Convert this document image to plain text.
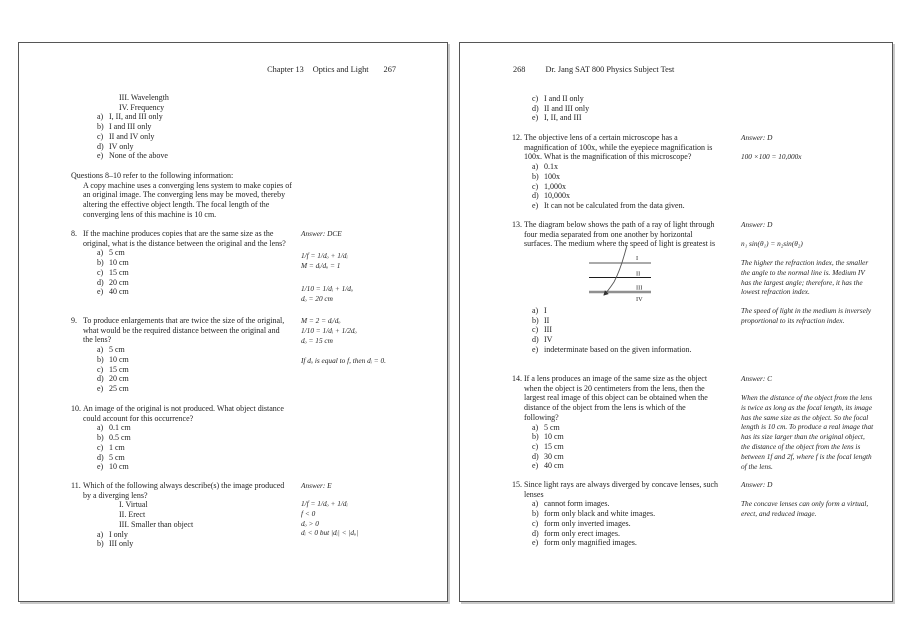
Chapter 13 Optics and Light 267
III. Wavelength
IV. Frequency
a) I, II, and III only
b) I and III only
c) II and IV only
d) IV only
e) None of the above
Questions 8–10 refer to the following information:
A copy machine uses a converging lens system to make copies of an original image. The converging lens may be moved, thereby altering the effective object length. The focal length of the converging lens of this machine is 10 cm.
8. If the machine produces copies that are the same size as the original, what is the distance between the original and the lens?
a) 5 cm
b) 10 cm
c) 15 cm
d) 20 cm
e) 40 cm
9. To produce enlargements that are twice the size of the original, what would be the required distance between the original and the lens?
a) 5 cm
b) 10 cm
c) 15 cm
d) 20 cm
e) 25 cm
10. An image of the original is not produced. What object distance could account for this occurrence?
a) 0.1 cm
b) 0.5 cm
c) 1 cm
d) 5 cm
e) 10 cm
11. Which of the following always describe(s) the image produced by a diverging lens?
I. Virtual
II. Erect
III. Smaller than object
a) I only
b) III only
Answer: DCE
1/f = 1/dₒ + 1/dᵢ
M = dᵢ/dₒ = 1
1/10 = 1/dᵢ + 1/dₒ
dₒ = 20 cm
M = 2 = dᵢ/dₒ
1/10 = 1/dᵢ + 1/2dₒ
dₒ = 15 cm
If dₒ is equal to f, then dᵢ = 0.
Answer: E
1/f = 1/dₒ + 1/dᵢ
f < 0
dₒ > 0
dᵢ < 0 but |dᵢ| < |dₒ|
268 Dr. Jang SAT 800 Physics Subject Test
c) I and II only
d) II and III only
e) I, II, and III
12. The objective lens of a certain microscope has a magnification of 100x, while the eyepiece magnification is 100x. What is the magnification of this microscope?
a) 0.1x
b) 100x
c) 1,000x
d) 10,000x
e) It can not be calculated from the data given.
13. The diagram below shows the path of a ray of light through four media separated from one another by horizontal surfaces. The medium where the speed of light is greatest is
I
II
III
IV
a) I
b) II
c) III
d) IV
e) indeterminate based on the given information.
14. If a lens produces an image of the same size as the object when the object is 20 centimeters from the lens, then the largest real image of this object can be obtained when the distance of the object from the lens is which of the following?
a) 5 cm
b) 10 cm
c) 15 cm
d) 30 cm
e) 40 cm
15. Since light rays are always diverged by concave lenses, such lenses
a) cannot form images.
b) form only black and white images.
c) form only inverted images.
d) form only erect images.
e) form only magnified images.
Answer: D
100 ×100 = 10,000x
Answer: D
n₁ sin(θ₁) = n₂sin(θ₂)
The higher the refraction index, the smaller the angle to the normal line is. Medium IV has the largest angle; therefore, it has the lowest refraction index.
The speed of light in the medium is inversely proportional to its refraction index.
Answer: C
When the distance of the object from the lens is twice as long as the focal length, its image has the same size as the object. So the focal length is 10 cm. To produce a real image that has its size larger than the original object, the distance of the object from the lens is between 1f and 2f, where f is the focal length of the lens.
Answer: D
The concave lenses can only form a virtual, erect, and reduced image.
